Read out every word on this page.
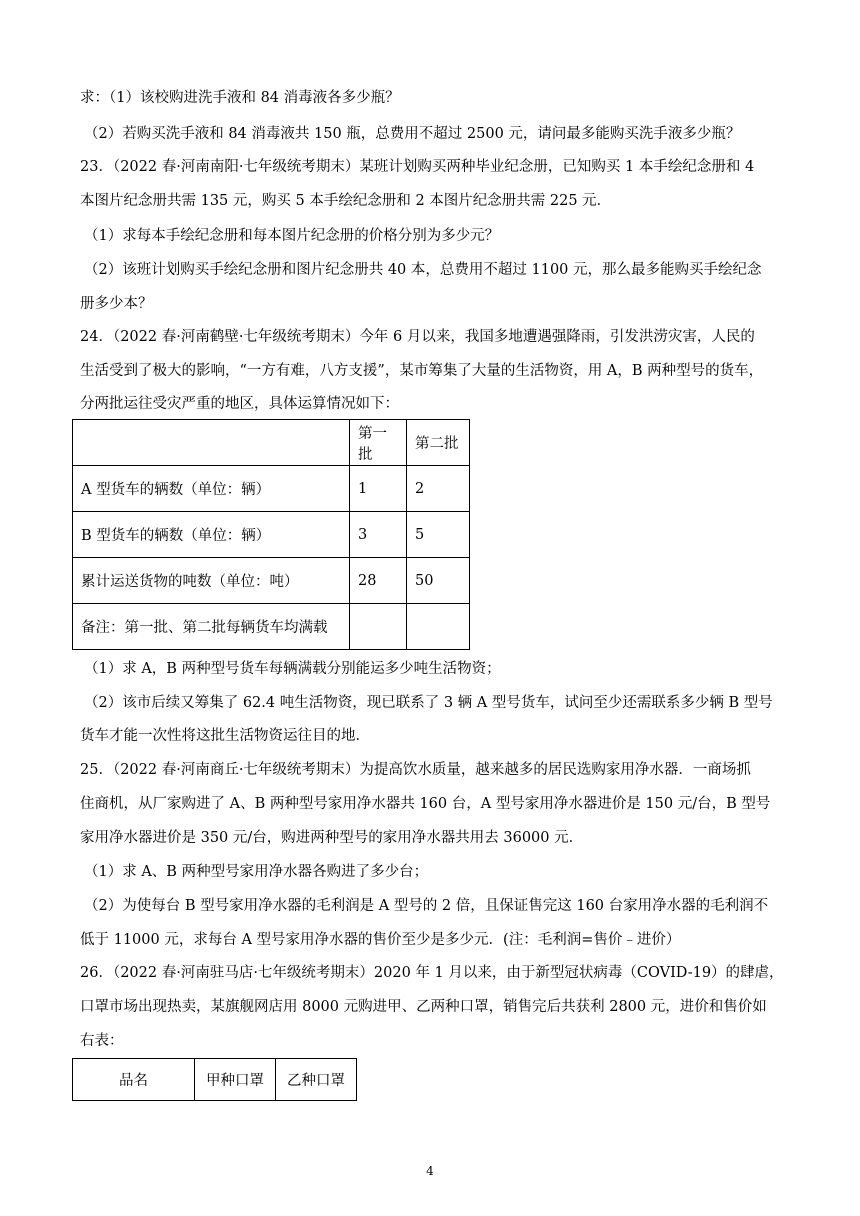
求：（1）该校购进洗手液和 84 消毒液各多少瓶？
（2）若购买洗手液和 84 消毒液共 150 瓶，总费用不超过 2500 元，请问最多能购买洗手液多少瓶？
23．（2022 春·河南南阳·七年级统考期末）某班计划购买两种毕业纪念册，已知购买 1 本手绘纪念册和 4
本图片纪念册共需 135 元，购买 5 本手绘纪念册和 2 本图片纪念册共需 225 元．
（1）求每本手绘纪念册和每本图片纪念册的价格分别为多少元？
（2）该班计划购买手绘纪念册和图片纪念册共 40 本，总费用不超过 1100 元，那么最多能购买手绘纪念
册多少本？
24．（2022 春·河南鹤壁·七年级统考期末）今年 6 月以来，我国多地遭遇强降雨，引发洪涝灾害，人民的
生活受到了极大的影响，“一方有难，八方支援”，某市筹集了大量的生活物资，用 A，B 两种型号的货车，
分两批运往受灾严重的地区，具体运算情况如下：
	第一批	第二批
A 型货车的辆数（单位：辆）	1	2
B 型货车的辆数（单位：辆）	3	5
累计运送货物的吨数（单位：吨）	28	50
备注：第一批、第二批每辆货车均满载		
（1）求 A，B 两种型号货车每辆满载分别能运多少吨生活物资；
（2）该市后续又筹集了 62.4 吨生活物资，现已联系了 3 辆 A 型号货车，试问至少还需联系多少辆 B 型号
货车才能一次性将这批生活物资运往目的地．
25．（2022 春·河南商丘·七年级统考期末）为提高饮水质量，越来越多的居民选购家用净水器．一商场抓
住商机，从厂家购进了 A、B 两种型号家用净水器共 160 台，A 型号家用净水器进价是 150 元/台，B 型号
家用净水器进价是 350 元/台，购进两种型号的家用净水器共用去 36000 元．
（1）求 A、B 两种型号家用净水器各购进了多少台；
（2）为使每台 B 型号家用净水器的毛利润是 A 型号的 2 倍，且保证售完这 160 台家用净水器的毛利润不
低于 11000 元，求每台 A 型号家用净水器的售价至少是多少元．(注：毛利润=售价﹣进价）
26．（2022 春·河南驻马店·七年级统考期末）2020 年 1 月以来，由于新型冠状病毒（COVID-19）的肆虐，
口罩市场出现热卖，某旗舰网店用 8000 元购进甲、乙两种口罩，销售完后共获利 2800 元，进价和售价如
右表：
品名	甲种口罩	乙种口罩
4
